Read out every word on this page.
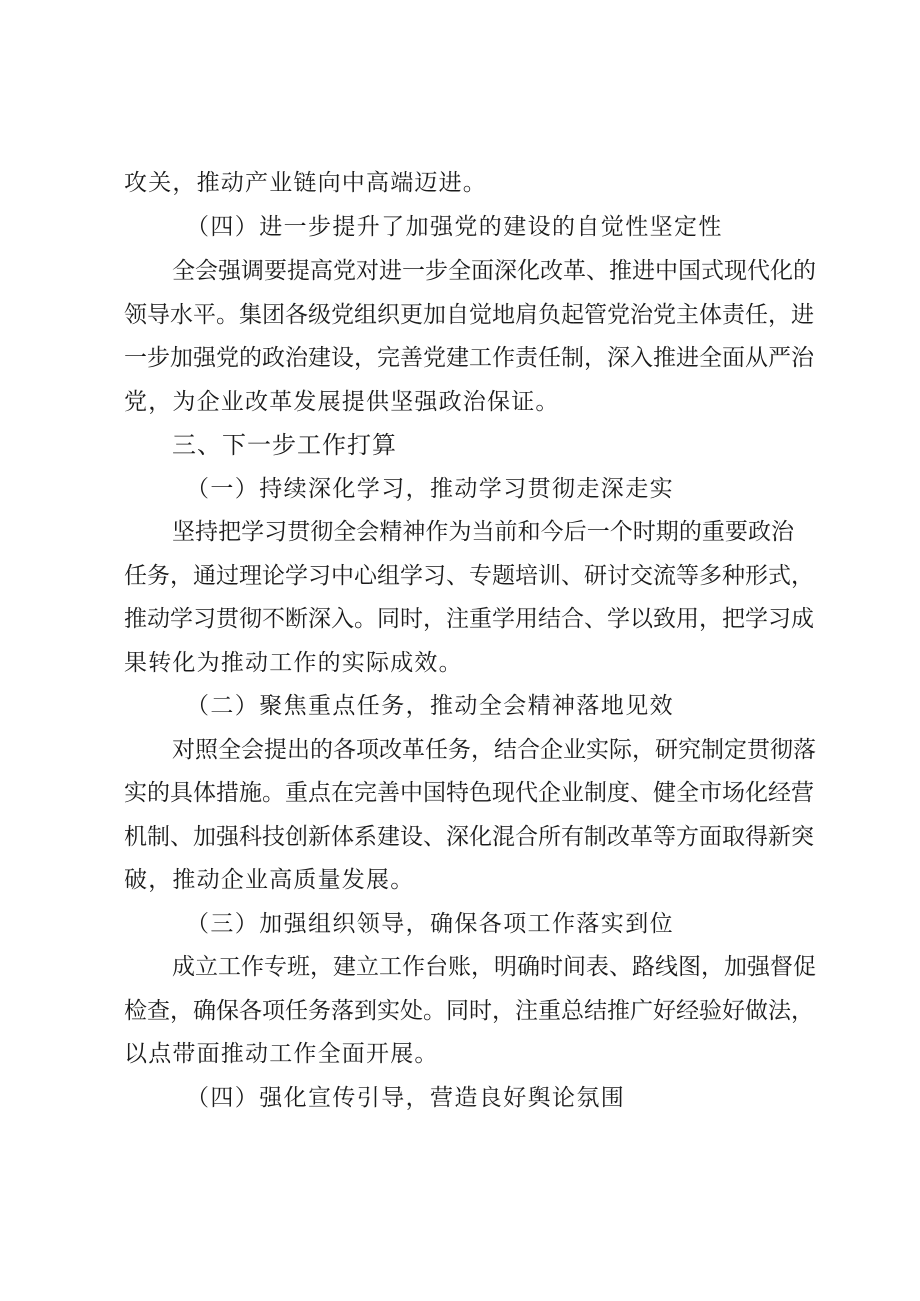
攻关，推动产业链向中高端迈进。
（四）进一步提升了加强党的建设的自觉性坚定性
全会强调要提高党对进一步全面深化改革、推进中国式现代化的
领导水平。集团各级党组织更加自觉地肩负起管党治党主体责任，进
一步加强党的政治建设，完善党建工作责任制，深入推进全面从严治
党，为企业改革发展提供坚强政治保证。
三、下一步工作打算
（一）持续深化学习，推动学习贯彻走深走实
坚持把学习贯彻全会精神作为当前和今后一个时期的重要政治
任务，通过理论学习中心组学习、专题培训、研讨交流等多种形式，
推动学习贯彻不断深入。同时，注重学用结合、学以致用，把学习成
果转化为推动工作的实际成效。
（二）聚焦重点任务，推动全会精神落地见效
对照全会提出的各项改革任务，结合企业实际，研究制定贯彻落
实的具体措施。重点在完善中国特色现代企业制度、健全市场化经营
机制、加强科技创新体系建设、深化混合所有制改革等方面取得新突
破，推动企业高质量发展。
（三）加强组织领导，确保各项工作落实到位
成立工作专班，建立工作台账，明确时间表、路线图，加强督促
检查，确保各项任务落到实处。同时，注重总结推广好经验好做法，
以点带面推动工作全面开展。
（四）强化宣传引导，营造良好舆论氛围
